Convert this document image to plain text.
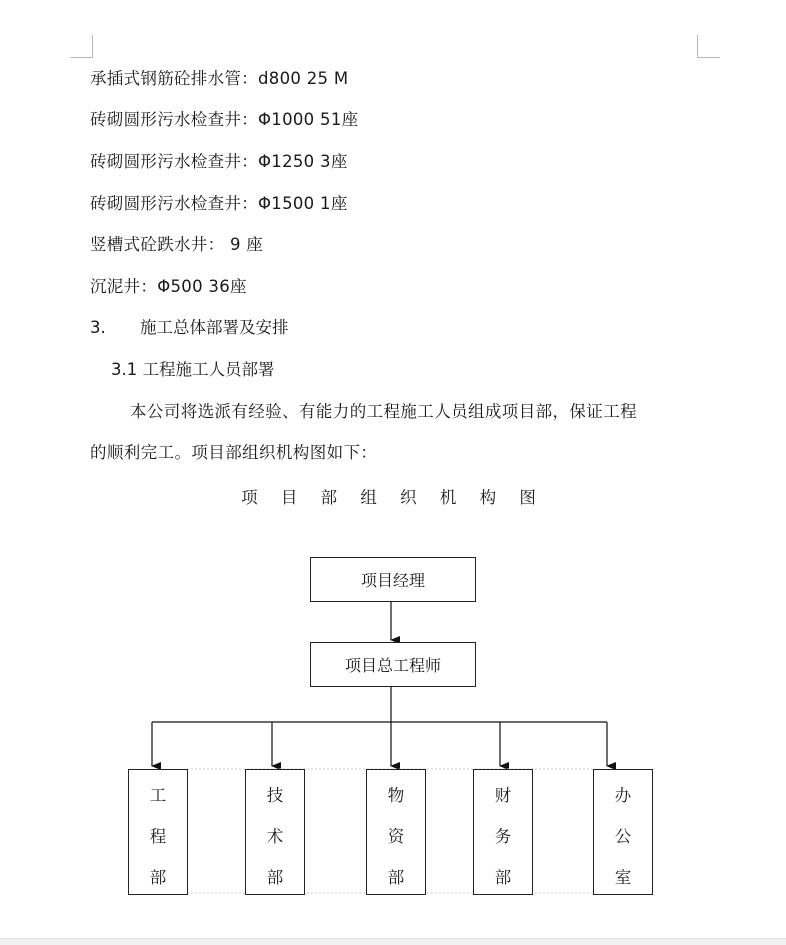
承插式钢筋砼排水管：d800 25 M
砖砌圆形污水检查井：Φ1000 51座
砖砌圆形污水检查井：Φ1250 3座
砖砌圆形污水检查井：Φ1500 1座
竖槽式砼跌水井： 9 座
沉泥井：Φ500 36座
3. 施工总体部署及安排
3.1 工程施工人员部署
本公司将选派有经验、有能力的工程施工人员组成项目部，保证工程
的顺利完工。项目部组织机构图如下：
项 目 部 组 织 机 构 图
项目经理
项目总工程师
工
程
部
技
术
部
物
资
部
财
务
部
办
公
室
